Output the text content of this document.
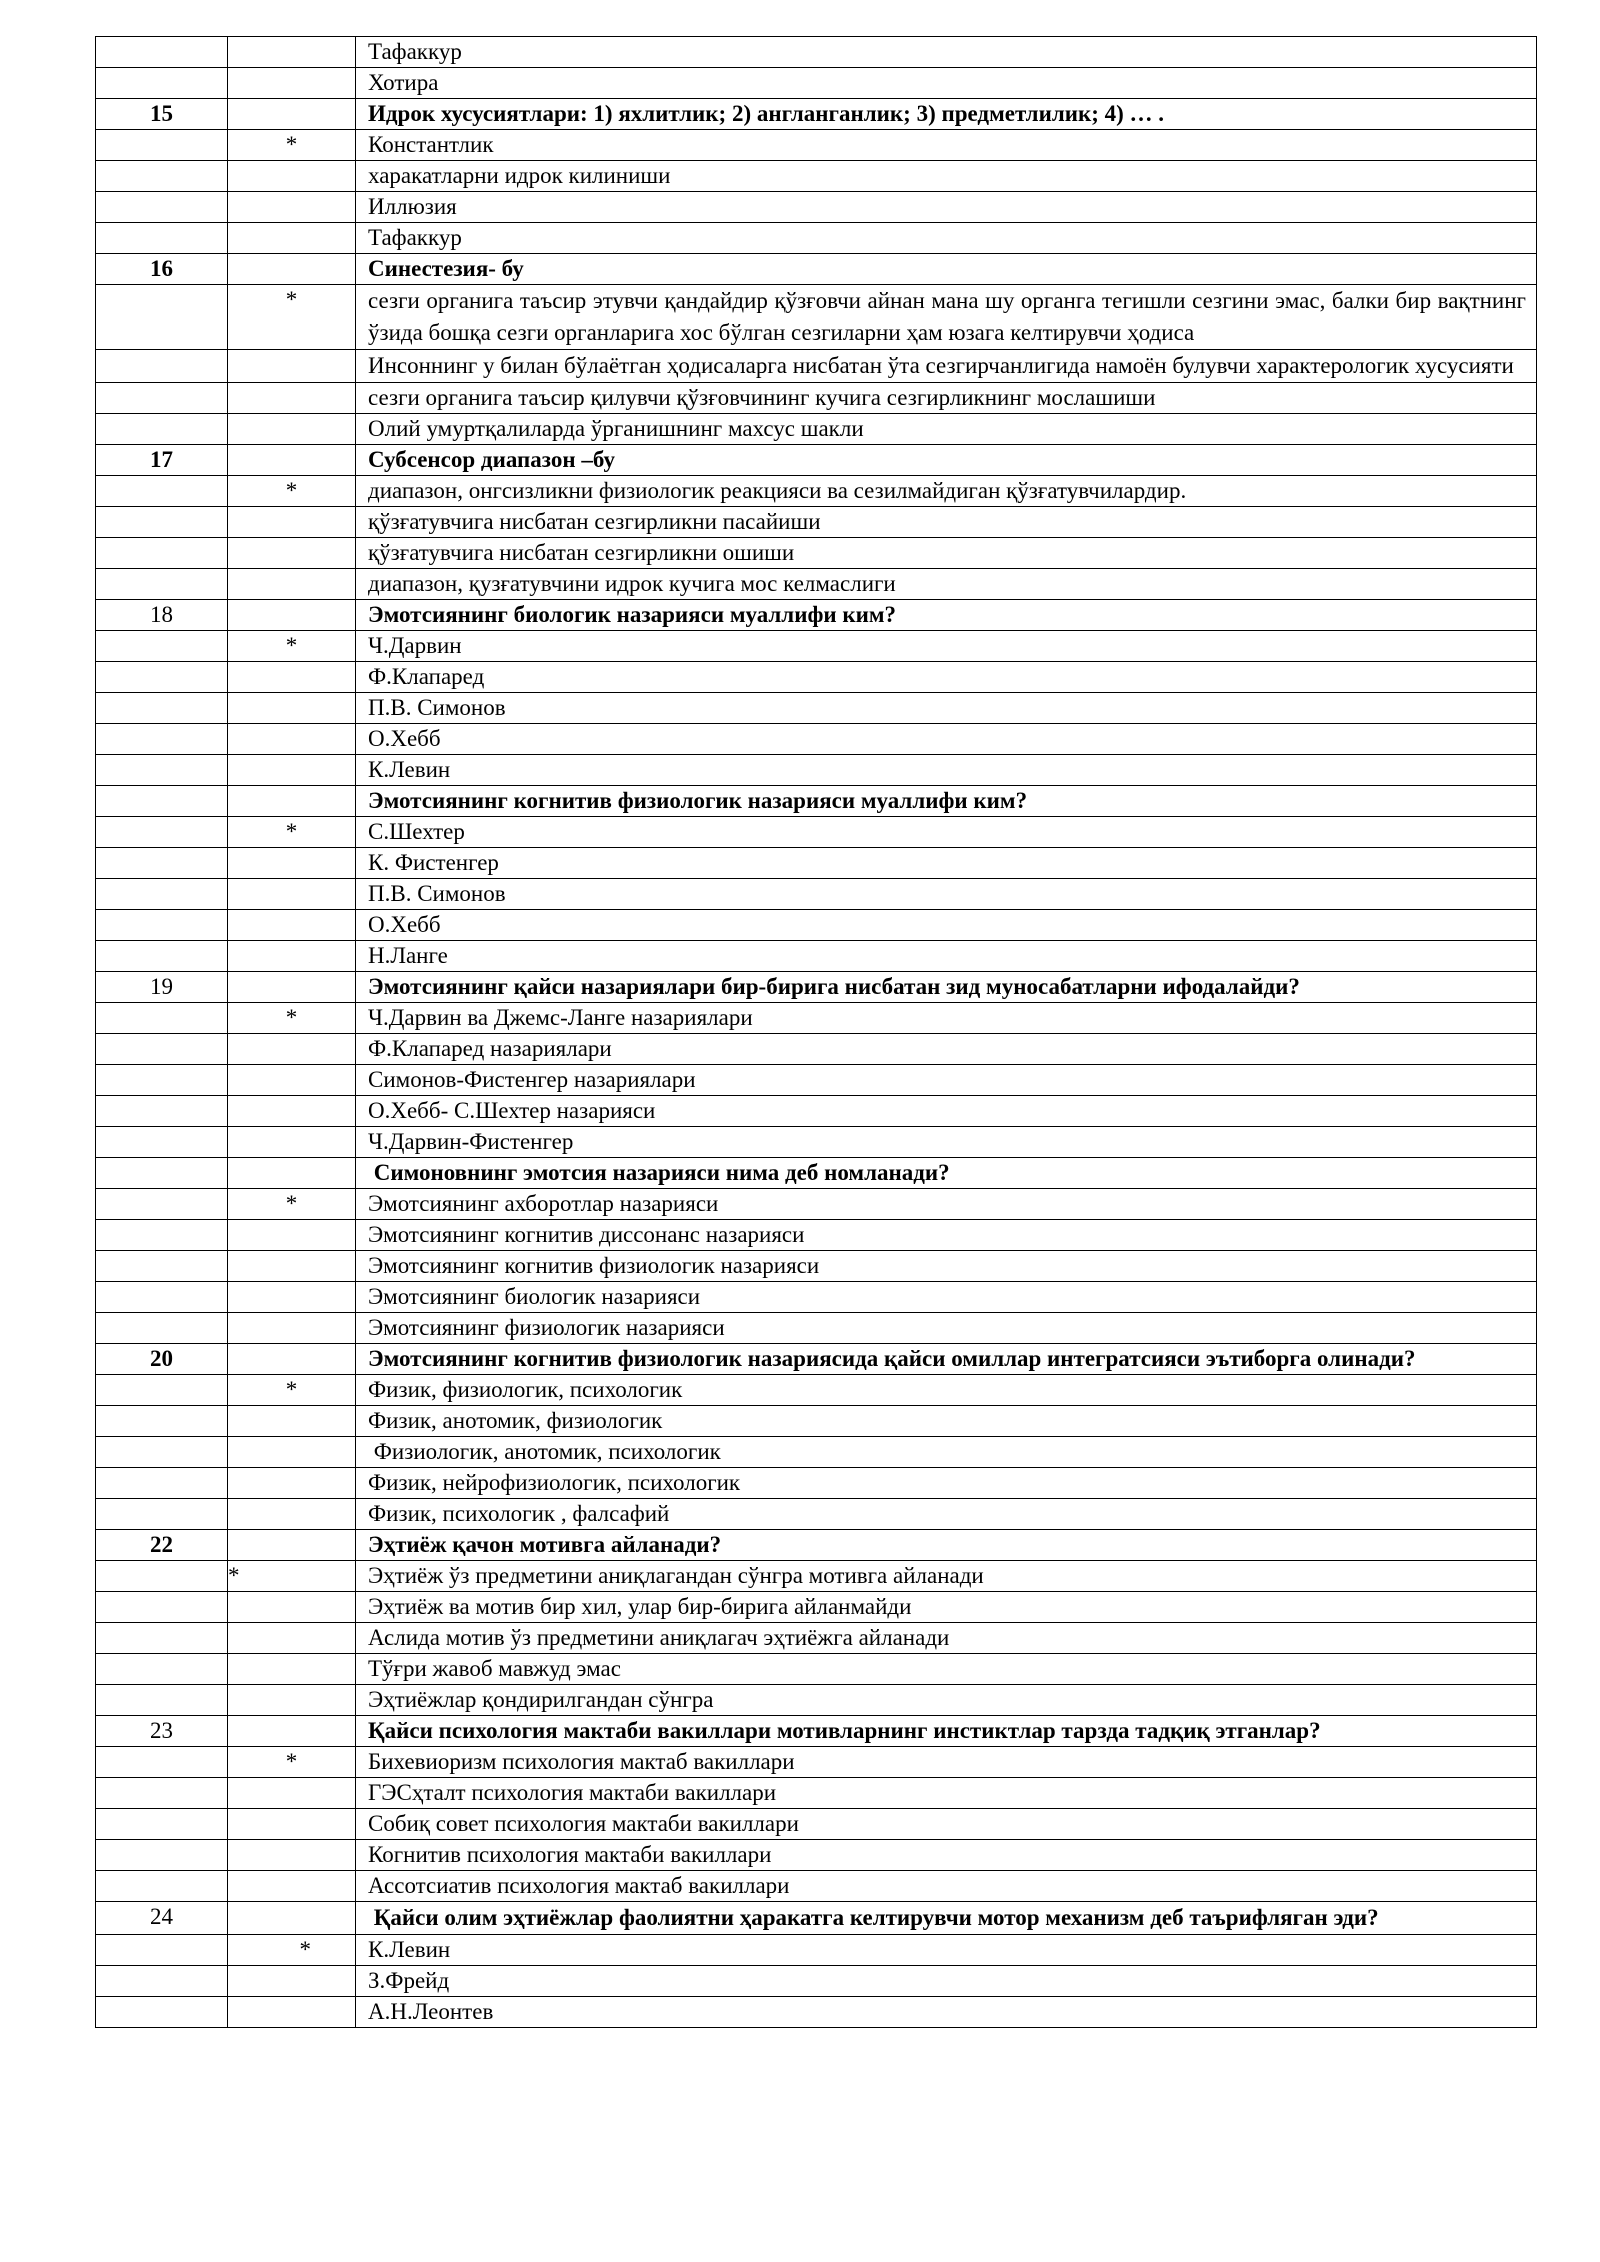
		Тафаккур
		Хотира
15		Идрок хусусиятлари: 1) яхлитлик; 2) англанганлик; 3) предметлилик; 4) … .
	*	Константлик
		харакатларни идрок килиниши
		Иллюзия
		Тафаккур
16		Синестезия- бу
	*	сезги органига таъсир этувчи қандайдир қўзғовчи айнан мана шу органга тегишли сезгини эмас, балки бир вақтнинг ўзида бошқа сезги органларига хос бўлган сезгиларни ҳам юзага келтирувчи ҳодиса
		Инсоннинг у билан бўлаётган ҳодисаларга нисбатан ўта сезгирчанлигида намоён булувчи характерологик хусусияти
		сезги органига таъсир қилувчи қўзғовчининг кучига сезгирликнинг мослашиши
		Олий умуртқалиларда ўрганишнинг махсус шакли
17		Субсенсор диапазон –бу
	*	диапазон, онгсизликни физиологик реакцияси ва сезилмайдиган қўзғатувчилардир.
		қўзғатувчига нисбатан сезгирликни пасайиши
		қўзғатувчига нисбатан сезгирликни ошиши
		диапазон, қузғатувчини идрок кучига мос келмаслиги
18		Эмотсиянинг биологик назарияси муаллифи ким?
	*	Ч.Дарвин
		Ф.Клапаред
		П.В. Симонов
		О.Хебб
		К.Левин
		Эмотсиянинг когнитив физиологик назарияси муаллифи ким?
	*	С.Шехтер
		К. Фистенгер
		П.В. Симонов
		О.Хебб
		Н.Ланге
19		Эмотсиянинг қайси назариялари бир-бирига нисбатан зид муносабатларни ифодалайди?
	*	Ч.Дарвин ва Джемс-Ланге назариялари
		Ф.Клапаред назариялари
		Симонов-Фистенгер назариялари
		О.Хебб- С.Шехтер назарияси
		Ч.Дарвин-Фистенгер
		Симоновнинг эмотсия назарияси нима деб номланади?
	*	Эмотсиянинг ахборотлар назарияси
		Эмотсиянинг когнитив диссонанс назарияси
		Эмотсиянинг когнитив физиологик назарияси
		Эмотсиянинг биологик назарияси
		Эмотсиянинг физиологик назарияси
20		Эмотсиянинг когнитив физиологик назариясида қайси омиллар интегратсияси эътиборга олинади?
	*	Физик, физиологик, психологик
		Физик, анотомик, физиологик
		Физиологик, анотомик, психологик
		Физик, нейрофизиологик, психологик
		Физик, психологик , фалсафий
22		Эҳтиёж қачон мотивга айланади?
	*	Эҳтиёж ўз предметини аниқлагандан сўнгра мотивга айланади
		Эҳтиёж ва мотив бир хил, улар бир-бирига айланмайди
		Аслида мотив ўз предметини аниқлагач эҳтиёжга айланади
		Тўғри жавоб мавжуд эмас
		Эҳтиёжлар қондирилгандан сўнгра
23		Қайси психология мактаби вакиллари мотивларнинг инстиктлар тарзда тадқиқ этганлар?
	*	Бихевиоризм психология мактаб вакиллари
		ГЭСҳталт психология мактаби вакиллари
		Собиқ совет психология мактаби вакиллари
		Когнитив психология мактаби вакиллари
		Ассотсиатив психология мактаб вакиллари
24		Қайси олим эҳтиёжлар фаолиятни ҳаракатга келтирувчи мотор механизм деб таърифляган эди?
	*	К.Левин
		З.Фрейд
		А.Н.Леонтев
